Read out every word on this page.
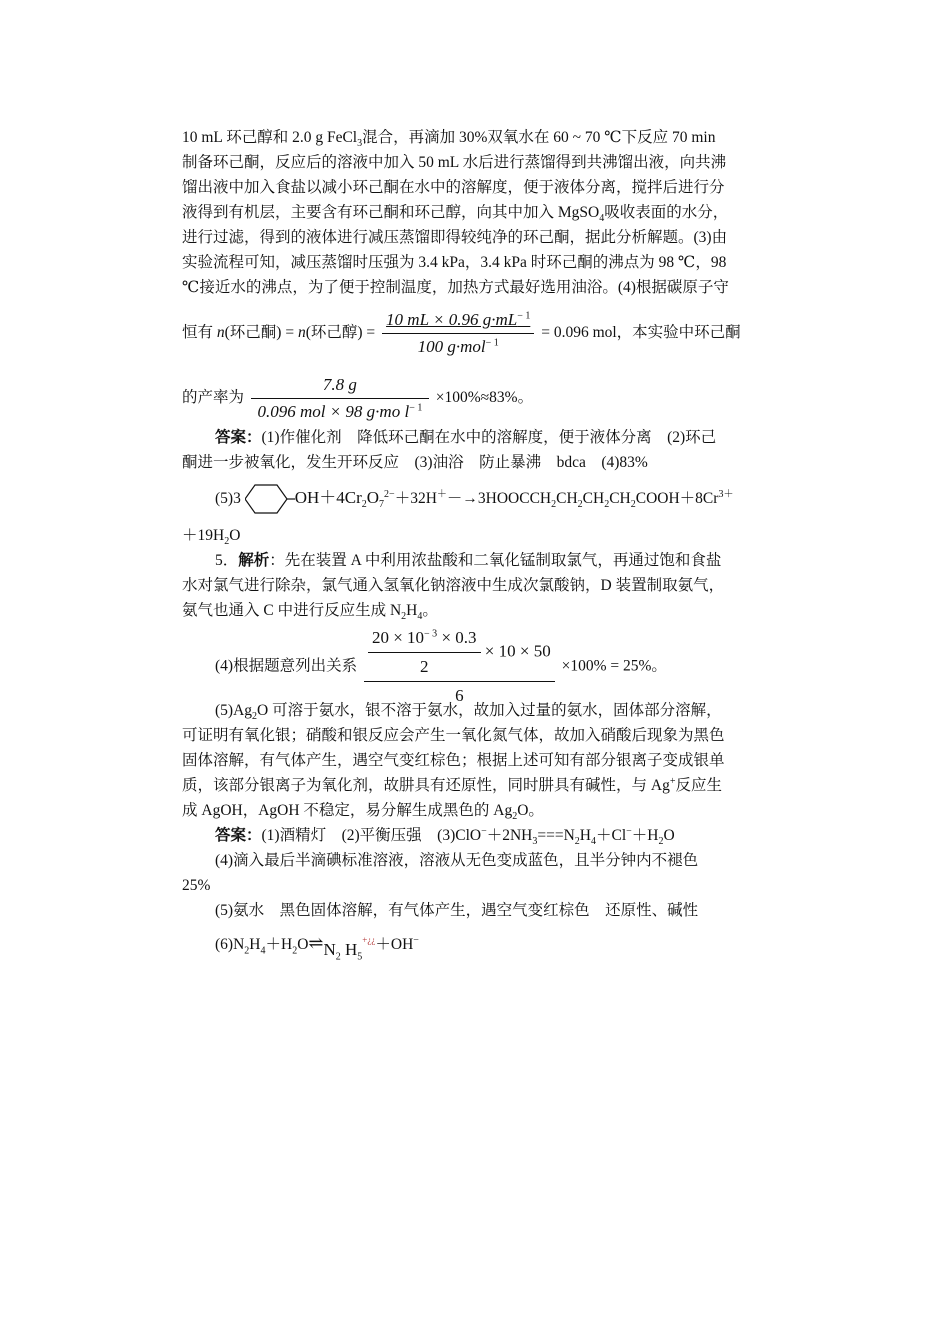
10 mL 环己醇和 2.0 g FeCl$_3$混合，再滴加 30%双氧水在 60 ~ 70 ℃下反应 70 min
制备环己酮，反应后的溶液中加入 50 mL 水后进行蒸馏得到共沸馏出液，向共沸
馏出液中加入食盐以减小环己酮在水中的溶解度，便于液体分离，搅拌后进行分
液得到有机层，主要含有环己酮和环己醇，向其中加入 MgSO$_4$吸收表面的水分，
进行过滤，得到的液体进行减压蒸馏即得较纯净的环己酮，据此分析解题。(3)由
实验流程可知，减压蒸馏时压强为 3.4 kPa，3.4 kPa 时环己酮的沸点为 98 ℃，98
℃接近水的沸点，为了便于控制温度，加热方式最好选用油浴。(4)根据碳原子守
恒有 n(环己酮) = n(环己醇) = $\frac{10 mL \times 0.96 g\cdot mL^{- 1}}{100 g\cdot mol^{- 1}} = 0.096$ mol，本实验中环己酮
的产率为 $\frac{7.8 g}{0.096 mol \times 98 g\cdot mo l^{- 1}} \times 100\%\approx 83\%$。
答案：(1)作催化剂　降低环己酮在水中的溶解度，便于液体分离　(2)环己
酮进一步被氧化，发生开环反应　(3)油浴　防止暴沸　bdca　(4)83%
(5)3	$OH+4Cr_2O_7^{2-}+32H^+-\to 3HOOCCH_2CH_2CH_2CH_2COOH+8Cr^{3+}$
$+19H_2O$
5．解析：先在装置 A 中利用浓盐酸和二氧化锰制取氯气，再通过饱和食盐
水对氯气进行除杂，氯气通入氢氧化钠溶液中生成次氯酸钠，D 装置制取氨气，
氨气也通入 C 中进行反应生成 $N_2H_4$。
(4)根据题意列出关系 $\frac{\frac{20 \times 10^{- 3} \times 0.3}{2} \times 10 \times 50}{6} \times 100\% = 25\%$。
$(5)Ag_2O$ 可溶于氨水，银不溶于氨水，故加入过量的氨水，固体部分溶解，
可证明有氧化银；硝酸和银反应会产生一氧化氮气体，故加入硝酸后现象为黑色
固体溶解，有气体产生，遇空气变红棕色；根据上述可知有部分银离子变成银单
质，该部分银离子为氧化剂，故肼具有还原性，同时肼具有碱性，与 Ag+反应生
成 AgOH，AgOH 不稳定，易分解生成黑色的 $Ag_2O$。
答案：(1)酒精灯　(2)平衡压强　$(3)ClO^-+2NH_3===N_2H_4+Cl^-+H_2O$
(4)滴入最后半滴碘标准溶液，溶液从无色变成蓝色，且半分钟内不褪色
25%
(5)氨水　黑色固体溶解，有气体产生，遇空气变红棕色　还原性、碱性
$(6)N_2H_4+H_2O\rightleftharpoons N_2$ $H_5^{+¿¿}+OH^-$
